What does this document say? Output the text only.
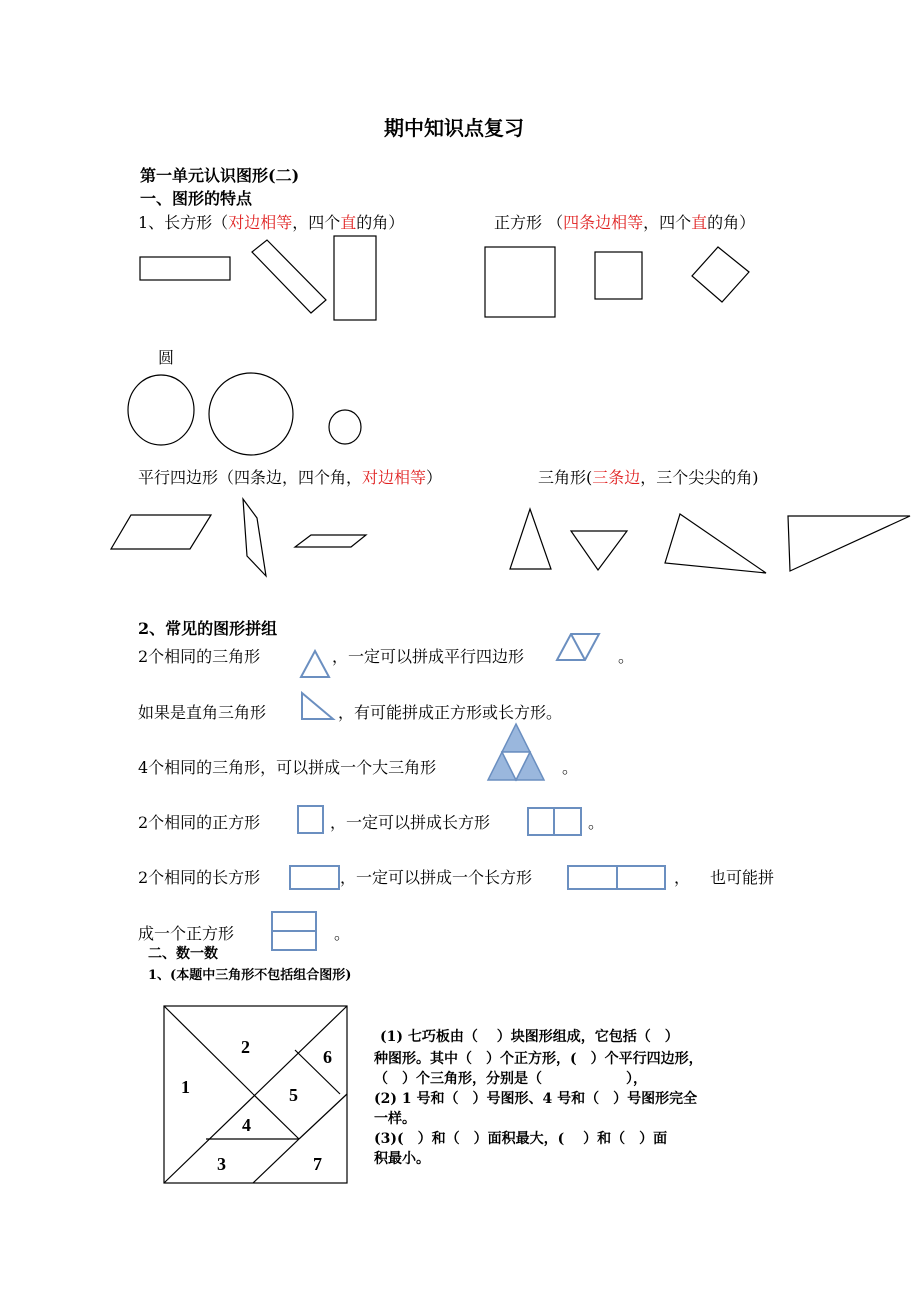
期中知识点复习
第一单元认识图形(二)
一、图形的特点
1、长方形（对边相等，四个直的角）	正方形 （四条边相等，四个直的角）
圆
平行四边形（四条边，四个角，对边相等）	三角形(三条边，三个尖尖的角)
2、常见的图形拼组
2个相同的三角形	，一定可以拼成平行四边形	。
如果是直角三角形	，有可能拼成正方形或长方形。
4个相同的三角形，可以拼成一个大三角形	。
2个相同的正方形	，一定可以拼成长方形	。
2个相同的长方形	，一定可以拼成一个长方形	， 也可能拼
成一个正方形	。
二、数一数
1、(本题中三角形不包括组合图形)
(1) 七巧板由（　 ）块图形组成，它包括（　）
种图形。其中（　）个正方形，(　）个平行四边形，
（　）个三角形，分别是（　　　　　　），
(2) 1 号和（　）号图形、4 号和（　）号图形完全
一样。
(3)(　）和（　）面积最大，(　 ）和（　）面
积最小。
1
2
3
4
5
6
7
